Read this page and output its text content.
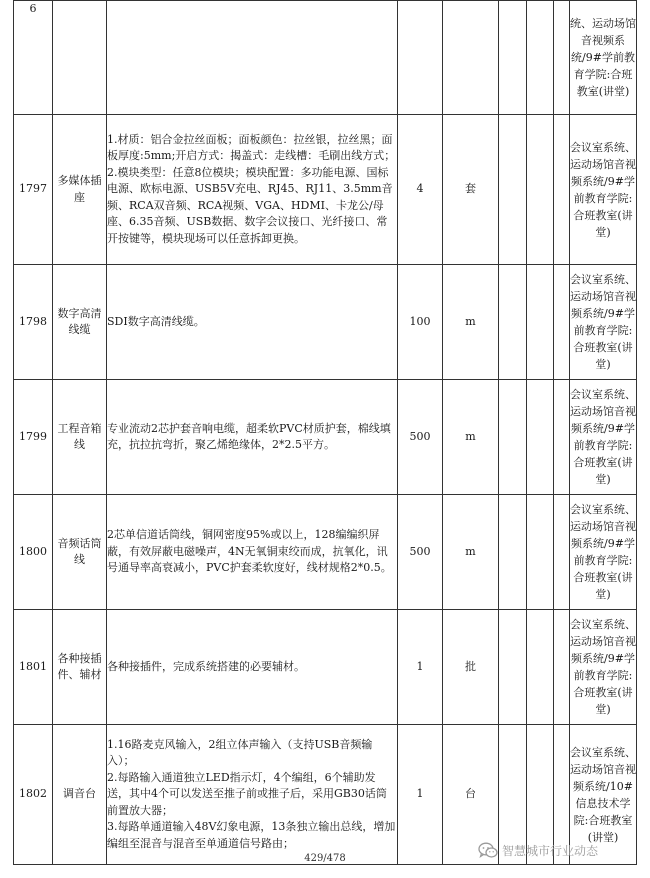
6								统、运动场馆音视频系统/9#学前教育学院:合班教室(讲堂)
1797	多媒体插座	1.材质：铝合金拉丝面板；面板颜色：拉丝银，拉丝黑；面板厚度:5mm;开启方式：揭盖式：走线槽：毛刷出线方式；
2.模块类型：任意8位模块；模块配置：多功能电源、国标电源、欧标电源、USB5V充电、RJ45、RJ11、3.5mm音频、RCA双音频、RCA视频、VGA、HDMI、卡龙公/母座、6.35音频、USB数据、数字会议接口、光纤接口、常开按键等，模块现场可以任意拆卸更换。	4	套				会议室系统、运动场馆音视频系统/9#学前教育学院:合班教室(讲堂)
1798	数字高清线缆	SDI数字高清线缆。	100	m				会议室系统、运动场馆音视频系统/9#学前教育学院:合班教室(讲堂)
1799	工程音箱线	专业流动2芯护套音响电缆，超柔软PVC材质护套，棉线填充，抗拉抗弯折，聚乙烯绝缘体，2*2.5平方。	500	m				会议室系统、运动场馆音视频系统/9#学前教育学院:合班教室(讲堂)
1800	音频话筒线	2芯单信道话筒线，铜网密度95%或以上，128编编织屏蔽，有效屏蔽电磁噪声，4N无氧铜束绞而成，抗氧化，讯号通导率高衰减小，PVC护套柔软度好，线材规格2*0.5。	500	m				会议室系统、运动场馆音视频系统/9#学前教育学院:合班教室(讲堂)
1801	各种接插件、辅材	各种接插件，完成系统搭建的必要辅材。	1	批				会议室系统、运动场馆音视频系统/9#学前教育学院:合班教室(讲堂)
1802	调音台	1.16路麦克风输入，2组立体声输入（支持USB音频输入）；
2.每路输入通道独立LED指示灯，4个编组，6个辅助发送，其中4个可以发送至推子前或推子后，采用GB30话筒前置放大器；
3.每路单通道输入48V幻象电源，13条独立输出总线，增加编组至混音与混音至单通道信号路由；	1	台				会议室系统、运动场馆音视频系统/10#信息技术学院:合班教室(讲堂)
429/478
智慧城市行业动态
